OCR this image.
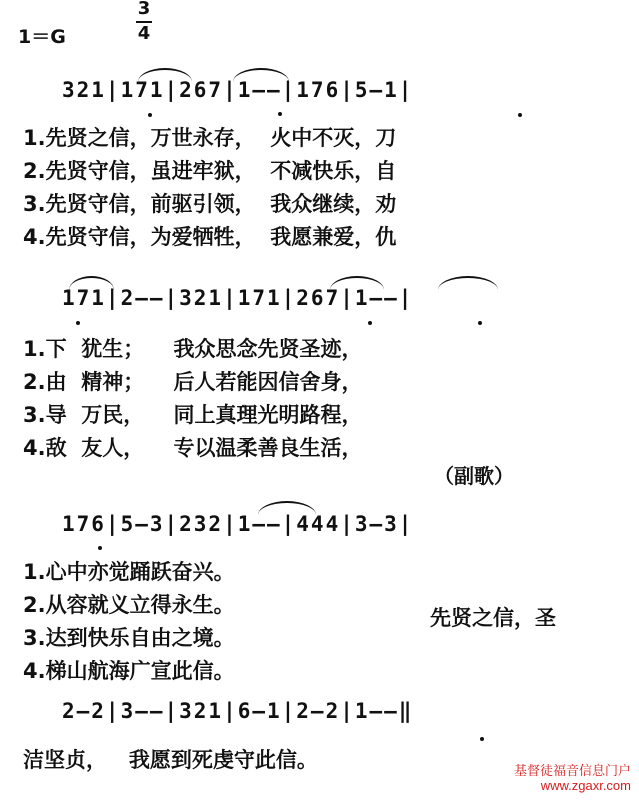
1＝G
3
4
321|171|267|1——|176|5—1|
1.先贤之信，万世永存，  火中不灭，刀
2.先贤守信，虽进牢狱，  不减快乐，自
3.先贤守信，前驱引领，  我众继续，劝
4.先贤守信，为爱牺牲，  我愿兼爱，仇
171|2——|321|171|267|1——|
1.下  犹生；    我众思念先贤圣迹，
2.由  精神；    后人若能因信舍身，
3.导  万民，    同上真理光明路程，
4.敌  友人，    专以温柔善良生活，
（副歌）
176|5—3|232|1——|444|3—3|
1.心中亦觉踊跃奋兴。
2.从容就义立得永生。
3.达到快乐自由之境。
4.梯山航海广宣此信。
先贤之信，圣
2—2|3——|321|6—1|2—2|1——‖
洁坚贞，   我愿到死虔守此信。	基督徒福音信息门户
www.zgaxr.com
